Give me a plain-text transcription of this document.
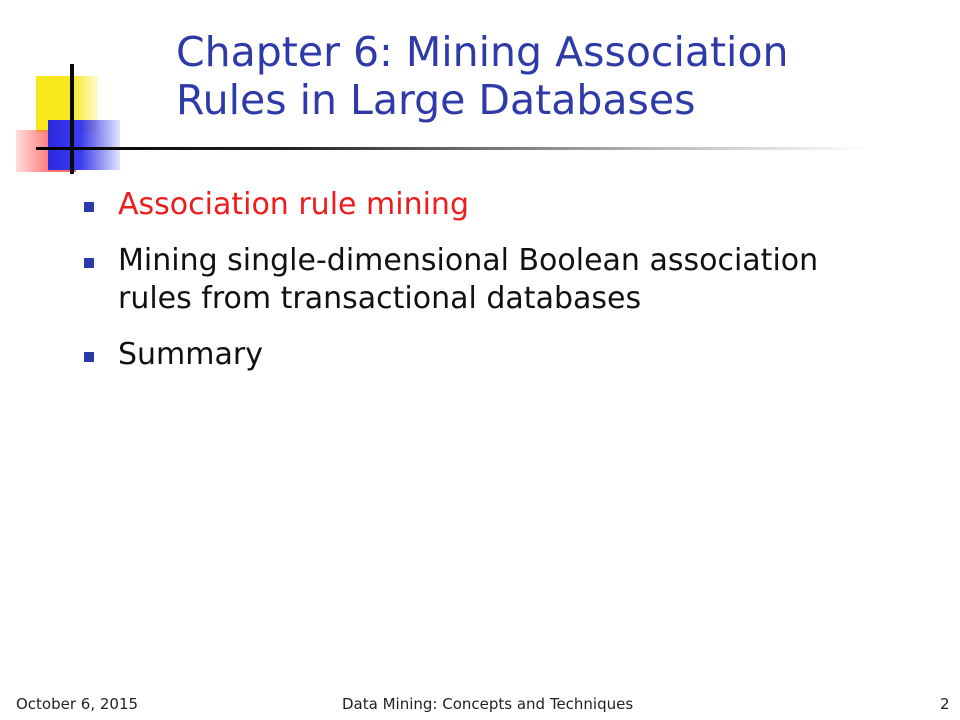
Chapter 6: Mining Association
Rules in Large Databases
Association rule mining
Mining single-dimensional Boolean association
rules from transactional databases
Summary
October 6, 2015	Data Mining: Concepts and Techniques	2
